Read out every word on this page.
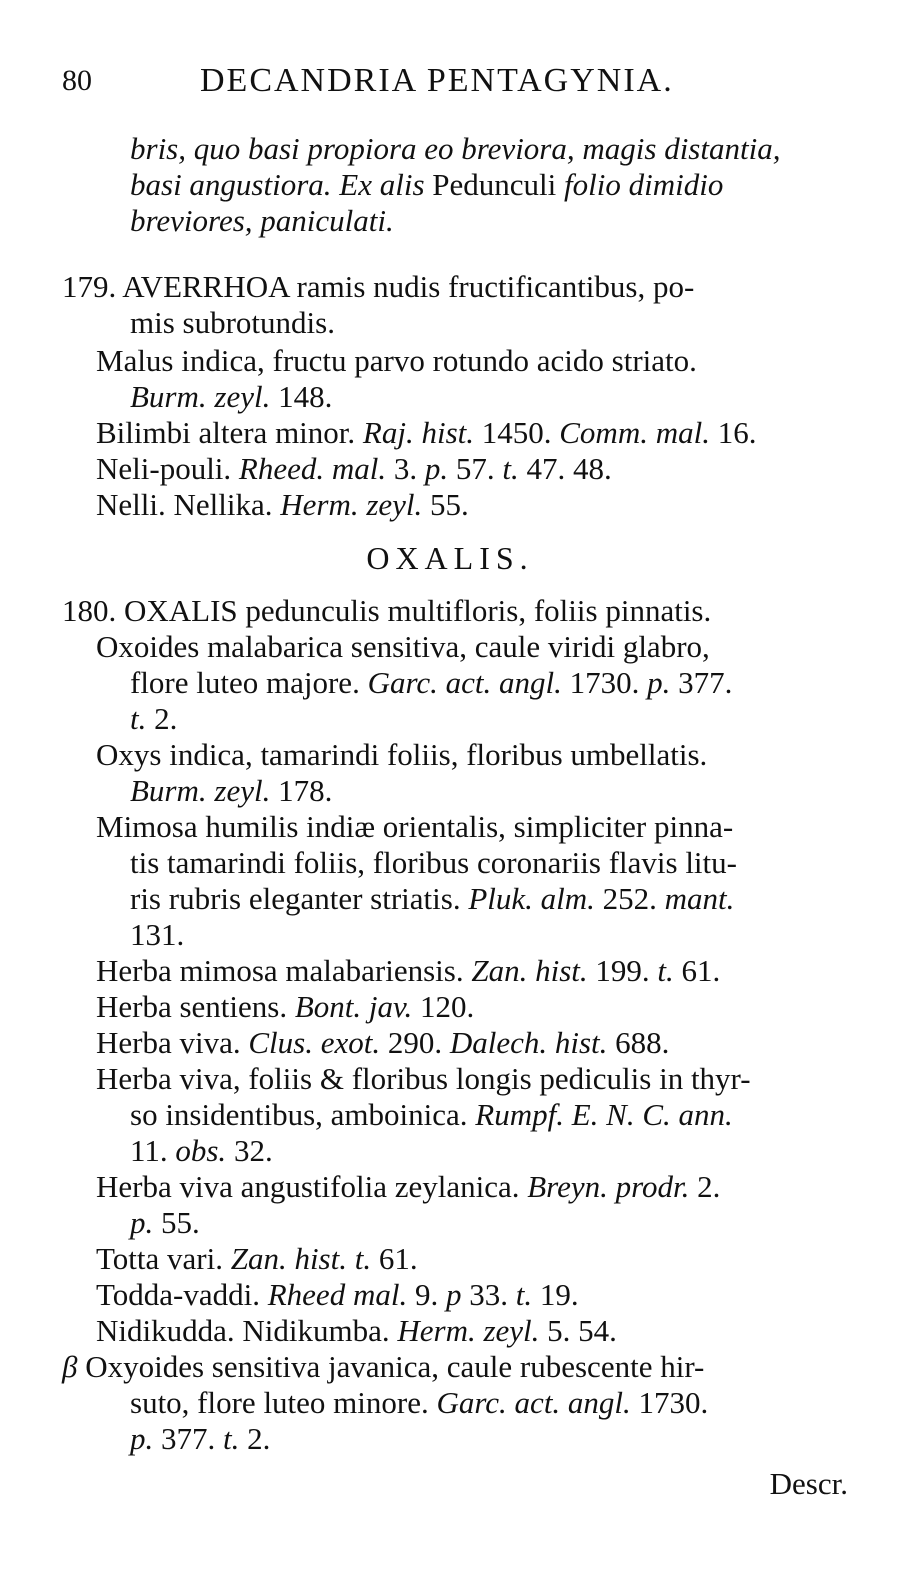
80	DECANDRIA PENTAGYNIA.
bris, quo basi propiora eo breviora, magis distantia,
basi angustiora. Ex alis Pedunculi folio dimidio
breviores, paniculati.
179. AVERRHOA ramis nudis fructificantibus, po-
mis subrotundis.
Malus indica, fructu parvo rotundo acido striato.
Burm. zeyl. 148.
Bilimbi altera minor. Raj. hist. 1450. Comm. mal. 16.
Neli-pouli. Rheed. mal. 3. p. 57. t. 47. 48.
Nelli. Nellika. Herm. zeyl. 55.
180. OXALIS pedunculis multifloris, foliis pinnatis.
Oxoides malabarica sensitiva, caule viridi glabro,
flore luteo majore. Garc. act. angl. 1730. p. 377.
t. 2.
Oxys indica, tamarindi foliis, floribus umbellatis.
Burm. zeyl. 178.
Mimosa humilis indiæ orientalis, simpliciter pinna-
tis tamarindi foliis, floribus coronariis flavis litu-
ris rubris eleganter striatis. Pluk. alm. 252. mant.
131.
Herba mimosa malabariensis. Zan. hist. 199. t. 61.
Herba sentiens. Bont. jav. 120.
Herba viva. Clus. exot. 290. Dalech. hist. 688.
Herba viva, foliis & floribus longis pediculis in thyr-
so insidentibus, amboinica. Rumpf. E. N. C. ann.
11. obs. 32.
Herba viva angustifolia zeylanica. Breyn. prodr. 2.
p. 55.
Totta vari. Zan. hist. t. 61.
Todda-vaddi. Rheed mal. 9. p 33. t. 19.
Nidikudda. Nidikumba. Herm. zeyl. 5. 54.
β Oxyoides sensitiva javanica, caule rubescente hir-
suto, flore luteo minore. Garc. act. angl. 1730.
p. 377. t. 2.
OXALIS.
Descr.
